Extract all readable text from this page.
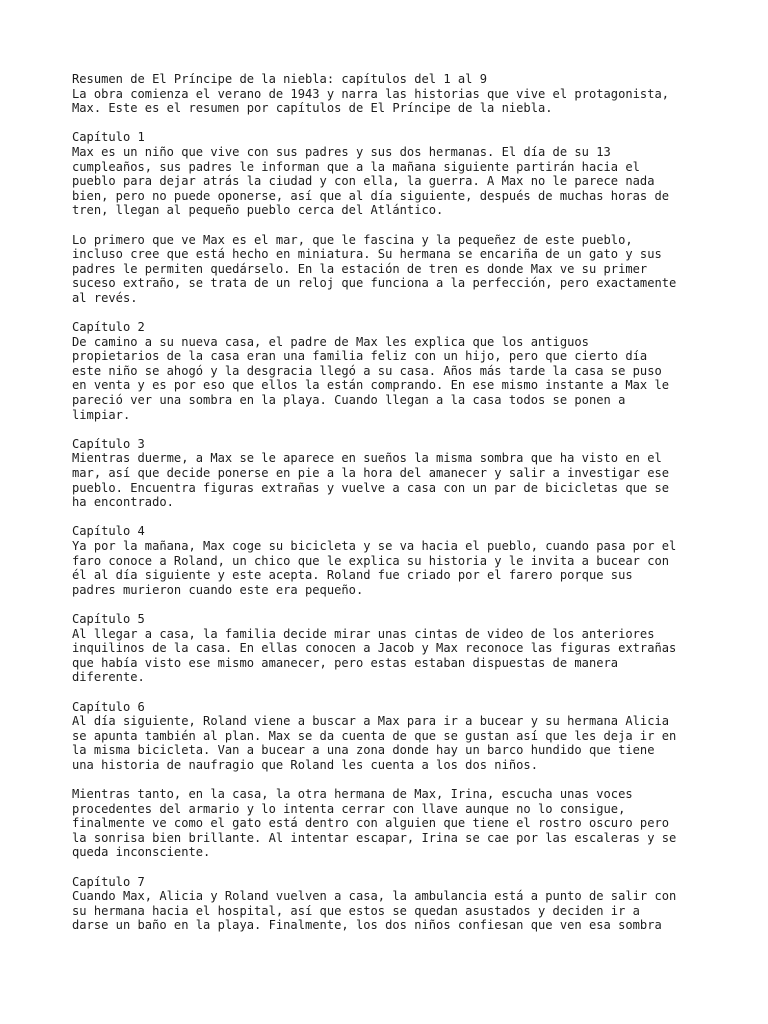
Resumen de El Príncipe de la niebla: capítulos del 1 al 9
La obra comienza el verano de 1943 y narra las historias que vive el protagonista,
Max. Este es el resumen por capítulos de El Príncipe de la niebla.
Capítulo 1
Max es un niño que vive con sus padres y sus dos hermanas. El día de su 13
cumpleaños, sus padres le informan que a la mañana siguiente partirán hacia el
pueblo para dejar atrás la ciudad y con ella, la guerra. A Max no le parece nada
bien, pero no puede oponerse, así que al día siguiente, después de muchas horas de
tren, llegan al pequeño pueblo cerca del Atlántico.
Lo primero que ve Max es el mar, que le fascina y la pequeñez de este pueblo,
incluso cree que está hecho en miniatura. Su hermana se encariña de un gato y sus
padres le permiten quedárselo. En la estación de tren es donde Max ve su primer
suceso extraño, se trata de un reloj que funciona a la perfección, pero exactamente
al revés.
Capítulo 2
De camino a su nueva casa, el padre de Max les explica que los antiguos
propietarios de la casa eran una familia feliz con un hijo, pero que cierto día
este niño se ahogó y la desgracia llegó a su casa. Años más tarde la casa se puso
en venta y es por eso que ellos la están comprando. En ese mismo instante a Max le
pareció ver una sombra en la playa. Cuando llegan a la casa todos se ponen a
limpiar.
Capítulo 3
Mientras duerme, a Max se le aparece en sueños la misma sombra que ha visto en el
mar, así que decide ponerse en pie a la hora del amanecer y salir a investigar ese
pueblo. Encuentra figuras extrañas y vuelve a casa con un par de bicicletas que se
ha encontrado.
Capítulo 4
Ya por la mañana, Max coge su bicicleta y se va hacia el pueblo, cuando pasa por el
faro conoce a Roland, un chico que le explica su historia y le invita a bucear con
él al día siguiente y este acepta. Roland fue criado por el farero porque sus
padres murieron cuando este era pequeño.
Capítulo 5
Al llegar a casa, la familia decide mirar unas cintas de video de los anteriores
inquilinos de la casa. En ellas conocen a Jacob y Max reconoce las figuras extrañas
que había visto ese mismo amanecer, pero estas estaban dispuestas de manera
diferente.
Capítulo 6
Al día siguiente, Roland viene a buscar a Max para ir a bucear y su hermana Alicia
se apunta también al plan. Max se da cuenta de que se gustan así que les deja ir en
la misma bicicleta. Van a bucear a una zona donde hay un barco hundido que tiene
una historia de naufragio que Roland les cuenta a los dos niños.
Mientras tanto, en la casa, la otra hermana de Max, Irina, escucha unas voces
procedentes del armario y lo intenta cerrar con llave aunque no lo consigue,
finalmente ve como el gato está dentro con alguien que tiene el rostro oscuro pero
la sonrisa bien brillante. Al intentar escapar, Irina se cae por las escaleras y se
queda inconsciente.
Capítulo 7
Cuando Max, Alicia y Roland vuelven a casa, la ambulancia está a punto de salir con
su hermana hacia el hospital, así que estos se quedan asustados y deciden ir a
darse un baño en la playa. Finalmente, los dos niños confiesan que ven esa sombra
